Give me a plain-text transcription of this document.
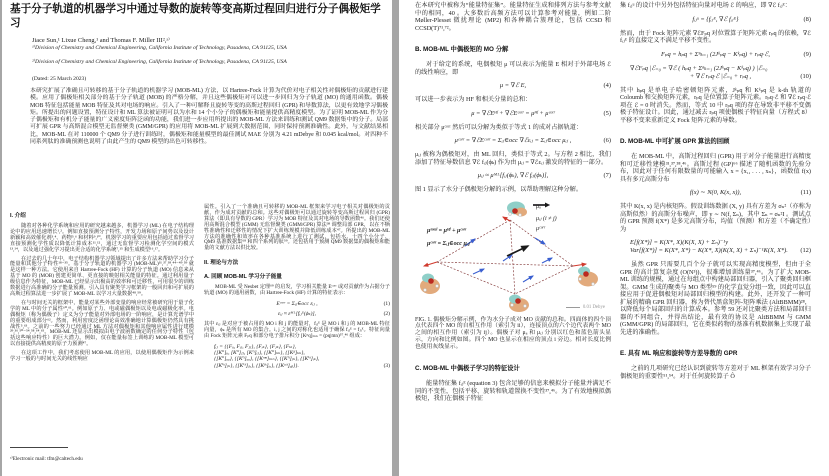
基于分子轨道的机器学习中通过导数的旋转等变高斯过程回归进行分子偶极矩学习
Jiace Sun,¹ Lixue Cheng,¹ and Thomas F. Miller III²,ᵃ⁾
¹⁾Division of Chemistry and Chemical Engineering, California Institute of Technology, Pasadena, CA 91125, USA
²⁾Division of Chemistry and Chemical Engineering, California Institute of Technology, Pasadena, CA 91125, USA
(Dated: 25 March 2023)
本研究扩展了准确且可转移的基于分子轨道的机器学习 (MOB-ML) 方法，以 Hartree-Fock 计算为代价对电子相关性对偶极矩的贡献进行建模。应用了偶极矩相关部分的基于分子轨道 (MOB) 的严格分解，并且这些偶极矩对可以进一步回归为分子轨道 (MO) 的通用函数。偶极 MOB 特征包括能量 MOB 特征及其对电场的响应。引入了一种可解释且旋转等变的高斯过程回归 (GPR) 和导数算法，以更有效地学习偶极矩。所提出的问题设置，特征设计和 ML 算法被证明可以为水和 14 个小分子的偶极矩和能量提供高精度模型。为了证明 MOB-ML 作为分子偶极矩和有机分子能量的广义密度矩阵泛函的功能，我们进一步应用所提出的 MOB-ML 方法来训练和测试 QM9 数据集中的分子。局部可扩展 GPR 与高斯混合模型无监督聚类 (GMM/GPR) 的应用将 MOB-ML 扩展到大数据范围，同时保持预测准确性。此外，与文献结果相比，MOB-ML 在对 110000 个 QM9 分子进行训练时，偶极矩和能量模型的最佳测试 MAE 分别为 4.21 mDebye 和 0.045 kcal/mol。对四种不同系列肽的准确预测也说明了由此产生的 QM9 模型的出色可转移性。
I. 介绍

随着对各种化学系统和应用的研究越来越多，机器学习 (ML) 在电子结构理论中的应用迅速增长¹,²。例如直接预测分子特性，开发力场和原子间势以及设计新颖和高效催化剂³,⁴、药物⁵,⁶ 和材料⁹,¹⁰。机器学习的重要应用包括通过监督学习直接预测化学性质以降低计算成本¹¹,¹²，通过无监督学习检测化学空间的模式¹³,¹⁴，以及通过强化学习提出更合适的化学系统⁷,¹⁵ 和生成模型¹⁶,¹⁷。

在过去的几十年中，电子结构机器学习领域提出了许多方法来帮助学习分子能量和其他分子特性¹⁸⁻³⁵。基于分子轨道的机器学习 (MOB-ML)³¹,³⁷,³⁸,⁴⁴⁻⁴⁹,⁵⁹ 就是这样一种方法。它使用来自 Hartree-Fock (HF) 计算的分子轨道 (MO) 信息来从基于 MO 的 (MOB) 创建更简单、更直接的映射相关能量的特征。通过利用量子级信息作为特征，MOB-ML 已经显示出极高的效率和可迁移性，可用很少的训练数据进行高准确的分子能量预测。引入具有聚类学习框架的一般回归和可扩展的高斯过程算法进一步扩展了 MOB-ML 以学习大量数据⁴⁸,⁵⁹。

在与时间无关的框架中，能量对某些外部变量的响应经常被研究用于量子化学的 ML 中的分子属性⁶⁰,⁶¹。例如原子力、电或磁偶极矩以及电或磁极化率。电偶极矩（称为偶极子）定义为分子能量对外部电场的一阶响应，是计算光谱学中的重要组成部分⁶²。然而，利用密度泛函理论高效准确地计算偶极矩仍然具有挑战性⁵,⁶³。之前的一些努力已经通过 ML 方法对偶极矩和其他响应属性进行建模²⁹,³⁶,⁵⁰⁻⁵⁴,⁵⁸,⁶⁴,⁶⁵。MOB-ML 还显示出模拟由电子波函数确定的任何分子特性（包括这些响应特性）的巨大潜力。例如，仅在能量标签上训练的 MOB-ML 模型可以直接提供高精度的原子力预测⁴⁷。

在这项工作中，我们考虑使用 MOB-ML 的应用，以使用偶极矩作为示例来学习一般的与时间无关的线性响应

属性。引入了一个准确且可转移的 MOB-ML 框架来学习电子相关对偶极矩的贡献，作为成对贡献的总和。这些对偶极矩可以通过旋转等变高斯过程回归 (GPR) 算法（即具有导数的 GPR）学习为 MOB 特征及其对电场的导数函数⁴⁶。我们还使用高斯混合模型 (GMM) 无监督聚类 (GMM/GPR) 算法³⁸ 调整局部 GPR，以在不牺牲准确性和迁移性的情况下扩大训练规模并降低训练成本⁴⁷。所提出的 MOB-ML 方法的准确性和效率在各种基准系统上进行了测试，包括水、十四个小分子、QM9 基准数据集⁶⁸ 和四个系列的肽⁵⁹。还包括用于预测 QM9 数据集的偶极矩和能量的文献方法以供比较。

II. 理论与方法
A. 回顾 MOB-ML 学习分子能量

MOB-ML 受 Nesbet 定理⁶⁹ 的启发，学习相关能量 Eᶜᵒʳʳ 或对贡献作为占据分子轨道 (MO) 的通用函数，由 Hartree-Fock (HF) 计算的特征表示：

Eᶜᵒʳʳ = Σᵢⱼ∈occ εᵢⱼ ,	(1)
εᵢⱼ ≈ εᴹᴸ[fᵢⱼᴱ(ϕₖ)],	(2)

其中 εᵢⱼ 是对应于被占用的 MO i 和 j 的能量对，fᵢⱼᴱ 是 MO i 和 j 的 MOB-ML 特征向量，ϕₖ 是所有 MO 的集合。i, j 之间的对称化也适用于确保 fᵢⱼᴱ = fⱼᵢᴱ。特征向量由 Fock 矩阵元素 Fₚq 和部分电子排斥积分 [Kᵖq]ₘₙ = (pq|mn)⁵⁷,⁴⁶ 组成：

fᵢⱼ = {{Fᵢᵢ, Fᵢⱼ, Fⱼⱼ}, {Fᵢₖ}, {Fⱼₖ}, {Fₖₗ},
{[Kⁱⁱ]ᵢᵢ, [Kⁱⁱ]ⱼⱼ, [Kⁱʲ]ᵢⱼ}, {[Kⁱⁱ]ₖₖ}, {[Kʲʲ]ₖₖ},
{[Kⁱⁱ]ₐₐ}, {[Kⁱʲ]ₐₐ}, {[Kᵐⁿ]ₘₙ}, {[Kⁱʲ]ⱼₖ}, {[Kⁱᵏ]ᵢₖ},
{[Kⁱᵏ]ⱼₖ}, {[Kⁱᵏ]ⱼₐ}, {[Kʲᵏ]ᵢₐ}, {[Kᵃᵇ]ₐᵦ}}.	(3)
ᵃ⁾Electronic mail: tfm@caltech.edu

在本研究中被称为“能量特征集”。能量特征生成和排列方法与参考文献中的相同，40 。大多数后高频方法可以计算参考对能量，例如二阶 Møller-Plesset 微扰理论 (MP2) 和各种耦合簇理论，包括 CCSD 和 CCSD(T)⁷¹,⁷²。

B. MOB-ML 中偶极矩的 MO 分解

对于给定的系统，电偶极矩 μ 可以表示为能量 E 相对于外部电场 ℰ 的线性响应，即

μ = ∇ℰ E,	(4)

可以进一步表示为 HF 和相关分量的总和：

μ = ∇ℰEᴴᶠ + ∇ℰEᶜᵒʳʳ = μᴴᶠ + μᶜᵒʳʳ	(5)

相关部分 μᶜᵒʳʳ 然后可以分解为类似于等式 1 的成对占据轨道：

μᶜᵒʳʳ = ∇ℰEᶜᵒʳʳ = Σᵢⱼ∈occ ∇ℰεᵢⱼ = Σᵢⱼ∈occ μᵢⱼ ,	(6)

μᵢⱼ 被称为偶极矩对，由 ML 回归，类似于等式 2。与方程 2 相比，我们添加了特征导数信息 ∇ℰ fᵢⱼ(ϕₖ) 作为由 μᵢⱼ = ∇ℰεᵢⱼ 激发的特征的一部分。

μᵢⱼ ≈ μᴹᴸ[fᵢⱼ(ϕₖ), ∇ℰ fᵢⱼ(ϕₖ)],	(7)

图 1 显示了水分子偶极矩分解的示例，以帮助理解这种分解。

μᵗᵒᵗᵃˡ = μᴴᶠ + μᶜᵒʳʳ
μᶜᵒʳʳ = Σᵢⱼ∈occ μᵢⱼ
μᵢᵢ
μᵢⱼ (i ≠ j)
μᶜᵒʳʳ
0.01 Debye

FIG. 1. 偶极矩分解示例，作为水分子成对 MO 贡献的总和。四面体的四个顶点代表四个 MO 的自相互作用（索引为 ii），连接顶点的六个边代表两个 MO 之间的相互作用（索引为 ij）。偶极子对 μᵢᵢ 和 μᵢⱼ 分别以红色和蓝色箭头显示，方向和比例如图。四个 MO 也显示在相应的顶点 i 旁边。相对长度比例也使用灰线显示。

C. MOB-ML 中偶极子学习的特征设计

能量特征集 fᵢⱼᴱ (equation 3) 包含足够的信息来模拟分子能量并满足不同的不变性，包括平移、旋转和轨道置换不变性³⁷,⁴⁶。为了有效地模拟偶极矩，我们在偶极子特征

集 fᵢⱼᵘ 的设计中另外包括特征向量对电场 ℰ 的响应，即 ∇ℰ fᵢⱼᴱ：

fᵢⱼᵘ = {fᵢⱼᴱ, ∇ℰ fᵢⱼᴱ}	(8)

然而，由于 Fock 矩阵元素 ∇ℰFₚq 对位置算子矩阵元素 rₚq 的依赖，∇ℰ fᵢⱼᴱ 的直接定义不满足平移不变性。

Fₚq = hₚq + Σⁿₖ₌₁ (2Jᵏₚq − Kᵏₚq) + rₚq·ℰ,	(9)
∇ℰFₚq |ℰ₌₀ = ∇ℰ ( hₚq + Σⁿₖ₌₁ (2Jᵏₚq − Kᵏₚq) ) |ℰ₌₀
+ ∇ℰ rₚq·ℰ |ℰ₌₀ + rₚq ,	(10)

其中 hₚq 是单电子哈密顿矩阵元素，Jᵏₚq 和 Kᵏₚq 是 k-th 轨道的 Coloumb 和交换矩阵元素，rₚq 是位置算子矩阵元素。rₚq·ℰ 和 ∇ℰ rₚq·ℰ 项在 ℰ = 0 时消失。然而，等式 10 中 rₚq 项的存在导致非平移不变偶极子特征设计。因此，通过减去 rₚq 项使偶极子特征向量（方程式 8）平移不变来重新定义 Fock 矩阵元素的导数。

D. MOB-ML 中可扩展 GPR 算法的回顾

在 MOB-ML 中，高斯过程回归 (GPR) 用于对分子能量进行高精度和可迁移性建模³¹,³⁷,³⁸,⁴⁶。高斯过程 (GP)⁶⁶ 描述了随机函数的先验分布，因此对于任何有限数量的可能输入 x = {x₁, . . . , xₙ}，函数值 f(x) 具有多元高斯分布

f(x) ∼ N(0, K(x, x)),	(11)

其中 K(x, x) 是内核矩阵。假设训练数据 (X, y) 具有方差为 σₙ²（亦称为高斯似然）的高斯分布噪声，即 y ∼ N(f, Σₙ)，其中 Σₙ = σₙ²I 。测试点的 GPR 预测 f(X*) 是多元高斯分布，均值（预测）和方差（不确定性）为

E[f(X*)] = K(X*, X)(K(X, X) + Σₙ)⁻¹y
Var[f(X*)] = K(X*, X*) − K(X*, X)(K(X, X) + Σₙ)⁻¹K(X, X*).	(12)

虽然 GPR 只需要几百个分子就可以实现高精度模型，但由于全 GPR 的高计算复杂度 (O(N³))，很难增加训练量³⁷,⁴⁶。为了扩大 MOB-ML 训练的规模，通过在每组点中构建局部回归器，引入了聚类回归框架。GMM 生成的聚类与 MO 类型⁵⁹ 的化学直觉分组一致，因此可以直接应用于促进偶极矩对局部回归模型的构建。此外，还开发了一种可扩展的精确 GPR 回归器，称为替代黑盒矩阵-矩阵乘法 (AltBBMM)²⁸，以降低每个局部回归的计算成本。参考 59 还对比聚类方法和局部回归器的不同组合，并得出结论，最有效的协议是 AltBBMM 与 GMM (GMM/GPR) 的局部回归，它在类似药物的基准有机数据集上实现了最先进的准确性。

E. 具有 ML 响应和旋转等方差导数的 GPR

之前的几项研究已经认识到旋转等方差对于 ML 框架有效学习分子偶极矩的重要性⁵¹,⁵⁴。对于任何旋转算子 Ô
